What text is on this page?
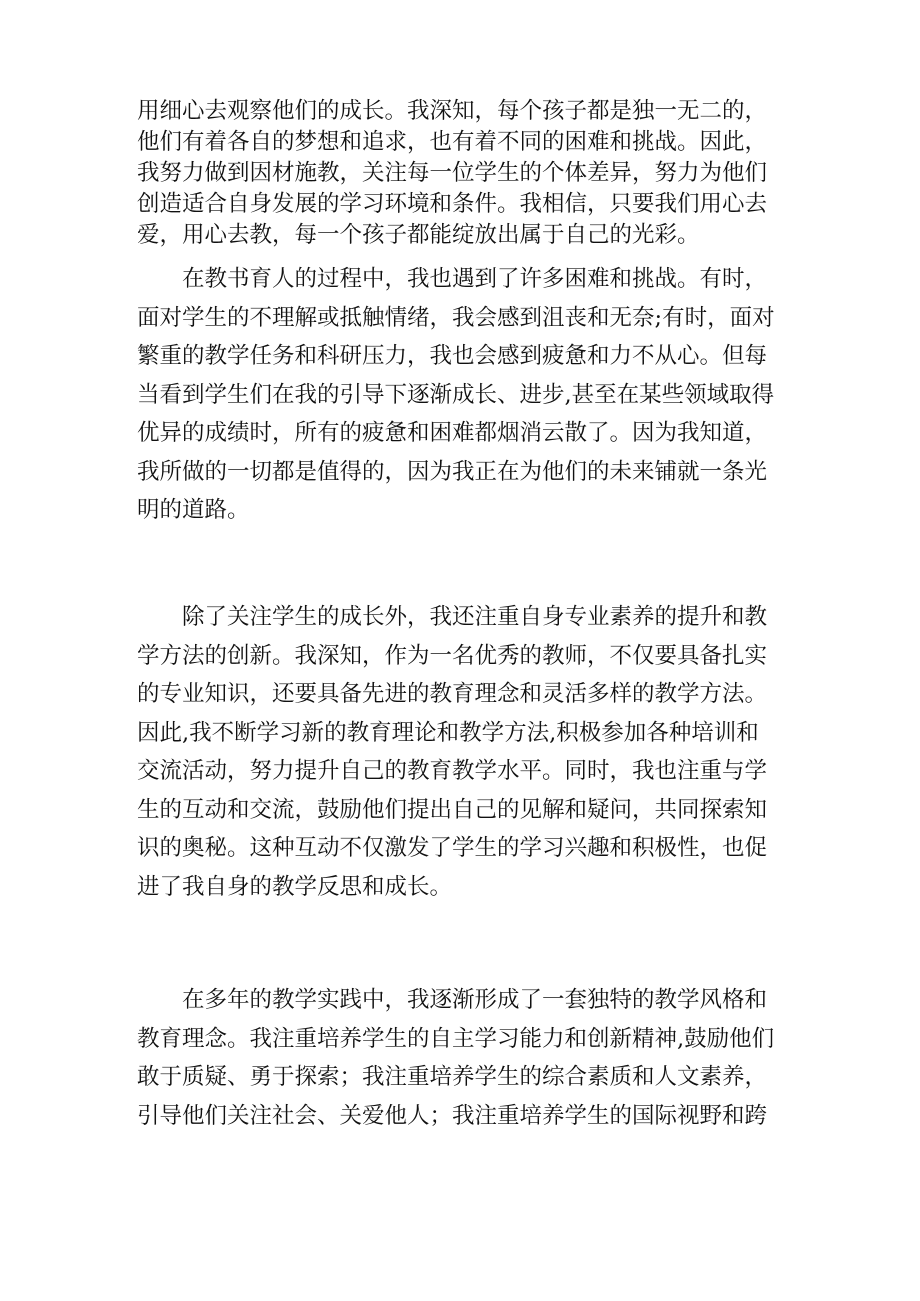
用细心去观察他们的成长。我深知，每个孩子都是独一无二的，
他们有着各自的梦想和追求，也有着不同的困难和挑战。因此，
我努力做到因材施教，关注每一位学生的个体差异，努力为他们
创造适合自身发展的学习环境和条件。我相信，只要我们用心去
爱，用心去教，每一个孩子都能绽放出属于自己的光彩。
在教书育人的过程中，我也遇到了许多困难和挑战。有时，
面对学生的不理解或抵触情绪，我会感到沮丧和无奈;有时，面对
繁重的教学任务和科研压力，我也会感到疲惫和力不从心。但每
当看到学生们在我的引导下逐渐成长、进步,甚至在某些领域取得
优异的成绩时，所有的疲惫和困难都烟消云散了。因为我知道，
我所做的一切都是值得的，因为我正在为他们的未来铺就一条光
明的道路。
除了关注学生的成长外，我还注重自身专业素养的提升和教
学方法的创新。我深知，作为一名优秀的教师，不仅要具备扎实
的专业知识，还要具备先进的教育理念和灵活多样的教学方法。
因此,我不断学习新的教育理论和教学方法,积极参加各种培训和
交流活动，努力提升自己的教育教学水平。同时，我也注重与学
生的互动和交流，鼓励他们提出自己的见解和疑问，共同探索知
识的奥秘。这种互动不仅激发了学生的学习兴趣和积极性，也促
进了我自身的教学反思和成长。
在多年的教学实践中，我逐渐形成了一套独特的教学风格和
教育理念。我注重培养学生的自主学习能力和创新精神,鼓励他们
敢于质疑、勇于探索；我注重培养学生的综合素质和人文素养，
引导他们关注社会、关爱他人；我注重培养学生的国际视野和跨
